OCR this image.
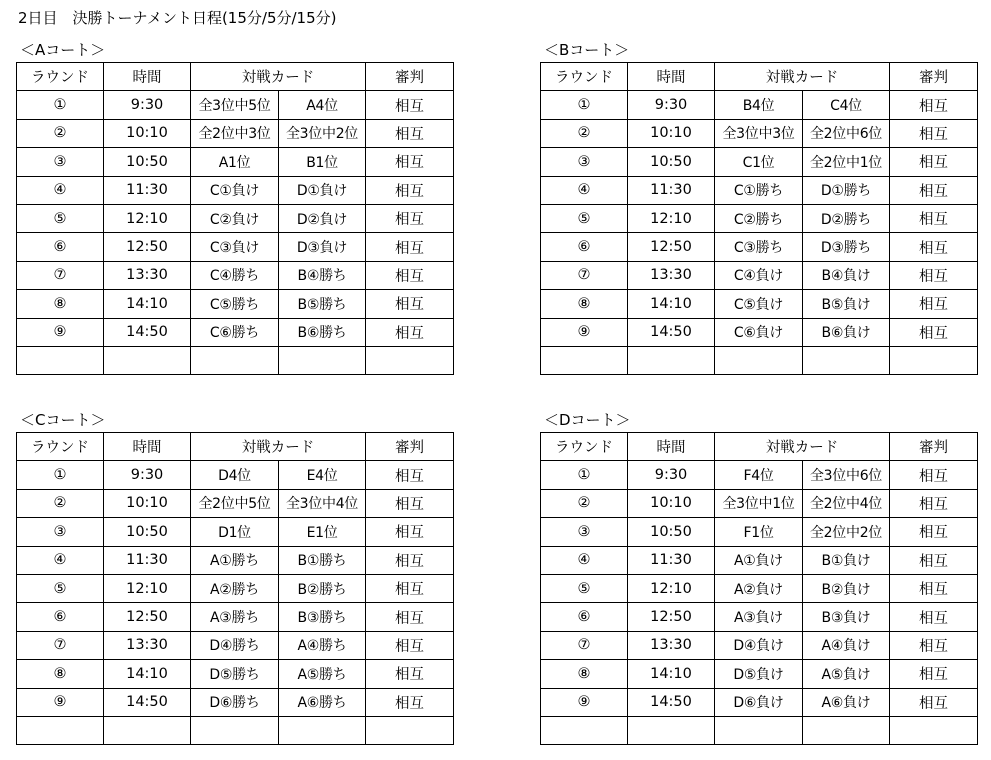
2日目　決勝トーナメント日程(15分/5分/15分)
＜Aコート＞
ラウンド	時間	対戦カード		審判
①	9:30	全3位中5位	A4位	相互
②	10:10	全2位中3位	全3位中2位	相互
③	10:50	A1位	B1位	相互
④	11:30	C①負け	D①負け	相互
⑤	12:10	C②負け	D②負け	相互
⑥	12:50	C③負け	D③負け	相互
⑦	13:30	C④勝ち	B④勝ち	相互
⑧	14:10	C⑤勝ち	B⑤勝ち	相互
⑨	14:50	C⑥勝ち	B⑥勝ち	相互

＜Bコート＞
ラウンド	時間	対戦カード		審判
①	9:30	B4位	C4位	相互
②	10:10	全3位中3位	全2位中6位	相互
③	10:50	C1位	全2位中1位	相互
④	11:30	C①勝ち	D①勝ち	相互
⑤	12:10	C②勝ち	D②勝ち	相互
⑥	12:50	C③勝ち	D③勝ち	相互
⑦	13:30	C④負け	B④負け	相互
⑧	14:10	C⑤負け	B⑤負け	相互
⑨	14:50	C⑥負け	B⑥負け	相互

＜Cコート＞
ラウンド	時間	対戦カード		審判
①	9:30	D4位	E4位	相互
②	10:10	全2位中5位	全3位中4位	相互
③	10:50	D1位	E1位	相互
④	11:30	A①勝ち	B①勝ち	相互
⑤	12:10	A②勝ち	B②勝ち	相互
⑥	12:50	A③勝ち	B③勝ち	相互
⑦	13:30	D④勝ち	A④勝ち	相互
⑧	14:10	D⑤勝ち	A⑤勝ち	相互
⑨	14:50	D⑥勝ち	A⑥勝ち	相互

＜Dコート＞
ラウンド	時間	対戦カード		審判
①	9:30	F4位	全3位中6位	相互
②	10:10	全3位中1位	全2位中4位	相互
③	10:50	F1位	全2位中2位	相互
④	11:30	A①負け	B①負け	相互
⑤	12:10	A②負け	B②負け	相互
⑥	12:50	A③負け	B③負け	相互
⑦	13:30	D④負け	A④負け	相互
⑧	14:10	D⑤負け	A⑤負け	相互
⑨	14:50	D⑥負け	A⑥負け	相互
